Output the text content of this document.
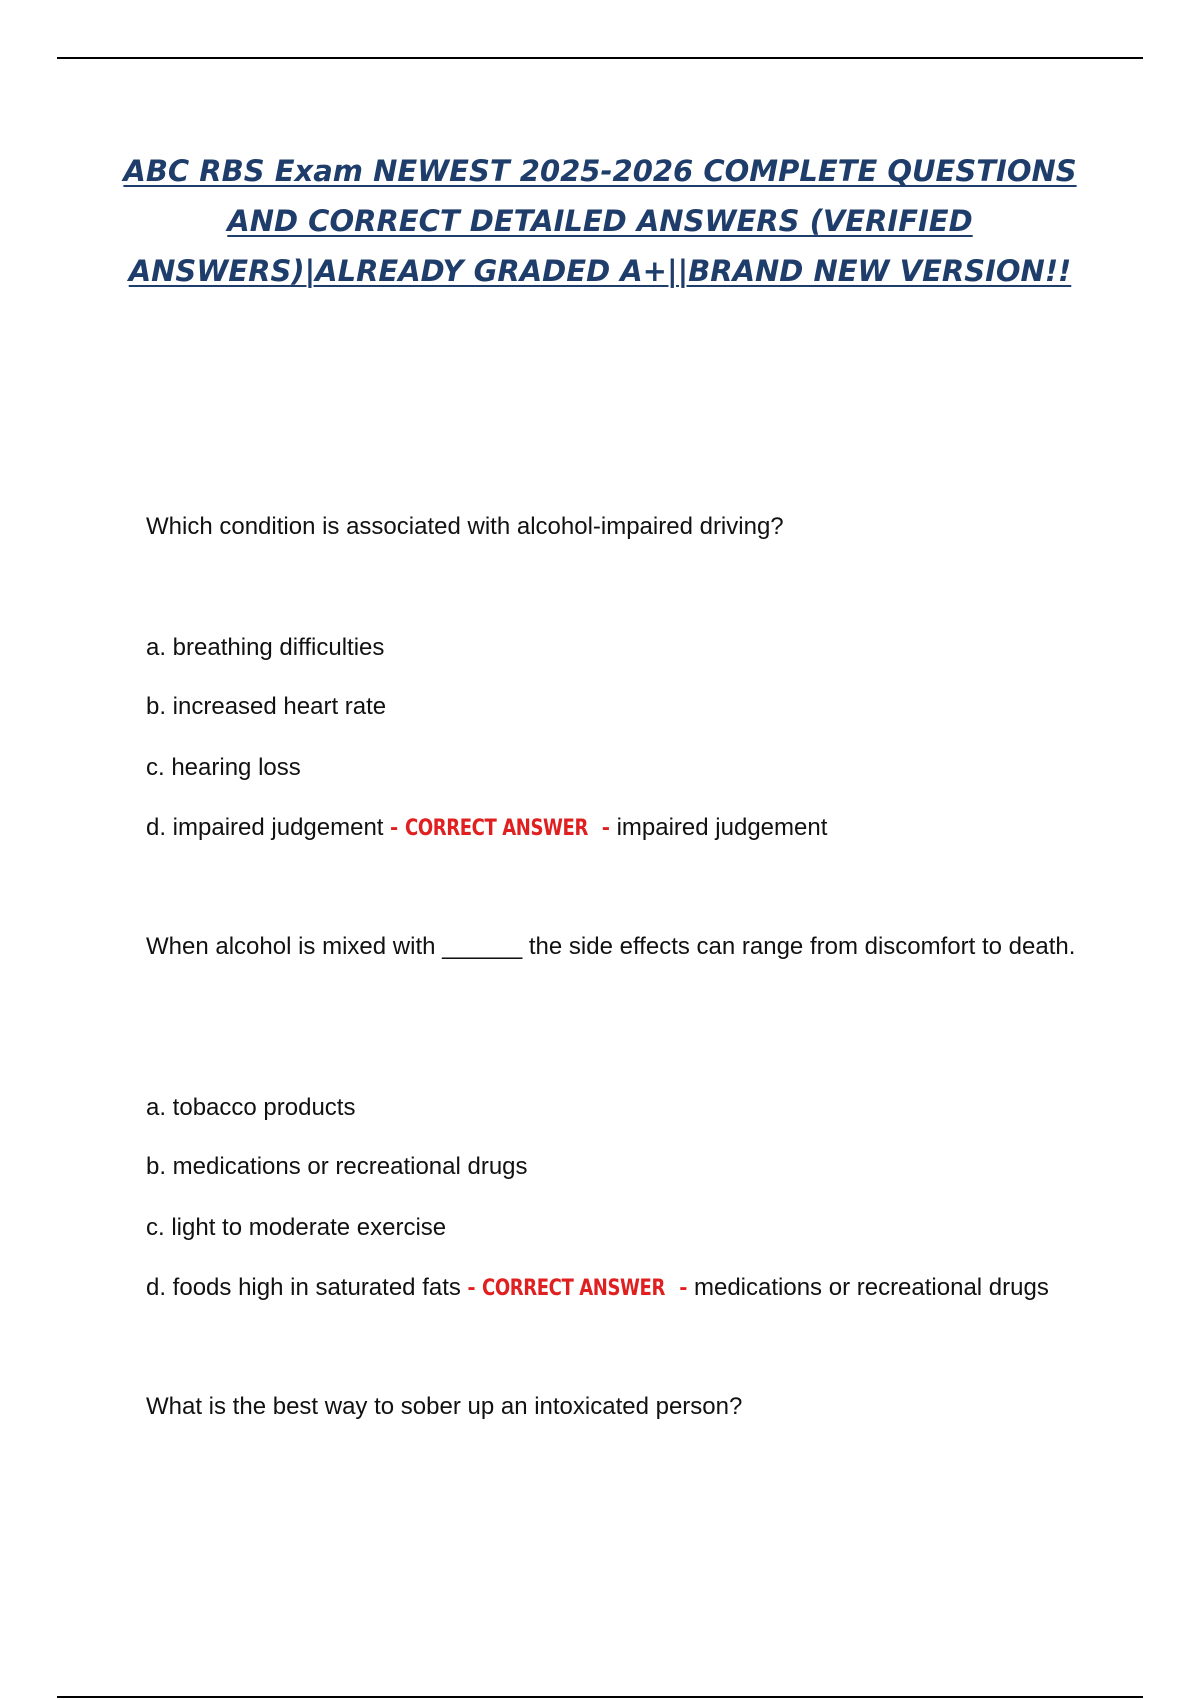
ABC RBS Exam NEWEST 2025-2026 COMPLETE QUESTIONS
AND CORRECT DETAILED ANSWERS (VERIFIED
ANSWERS)|ALREADY GRADED A+||BRAND NEW VERSION!!
Which condition is associated with alcohol-impaired driving?
a. breathing difficulties
b. increased heart rate
c. hearing loss
d. impaired judgement - CORRECT ANSWER - impaired judgement
When alcohol is mixed with ______ the side effects can range from discomfort to death.
a. tobacco products
b. medications or recreational drugs
c. light to moderate exercise
d. foods high in saturated fats - CORRECT ANSWER - medications or recreational drugs
What is the best way to sober up an intoxicated person?
